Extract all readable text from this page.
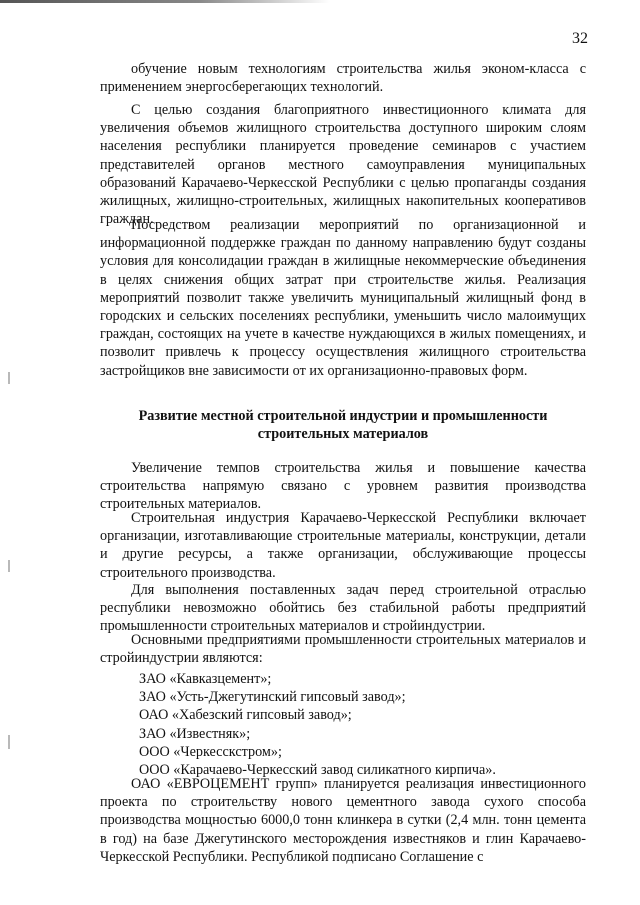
32

обучение новым технологиям строительства жилья эконом-класса с применением энергосберегающих технологий.

С целью создания благоприятного инвестиционного климата для увеличения объемов жилищного строительства доступного широким слоям населения республики планируется проведение семинаров с участием представителей органов местного самоуправления муниципальных образований Карачаево-Черкесской Республики с целью пропаганды создания жилищных, жилищно-строительных, жилищных накопительных кооперативов граждан.

Посредством реализации мероприятий по организационной и информационной поддержке граждан по данному направлению будут созданы условия для консолидации граждан в жилищные некоммерческие объединения в целях снижения общих затрат при строительстве жилья. Реализация мероприятий позволит также увеличить муниципальный жилищный фонд в городских и сельских поселениях республики, уменьшить число малоимущих граждан, состоящих на учете в качестве нуждающихся в жилых помещениях, и позволит привлечь к процессу осуществления жилищного строительства застройщиков вне зависимости от их организационно-правовых форм.

Развитие местной строительной индустрии и промышленности
строительных материалов

Увеличение темпов строительства жилья и повышение качества строительства напрямую связано с уровнем развития производства строительных материалов.

Строительная индустрия Карачаево-Черкесской Республики включает организации, изготавливающие строительные материалы, конструкции, детали и другие ресурсы, а также организации, обслуживающие процессы строительного производства.

Для выполнения поставленных задач перед строительной отраслью республики невозможно обойтись без стабильной работы предприятий промышленности строительных материалов и стройиндустрии.

Основными предприятиями промышленности строительных материалов и стройиндустрии являются:

ЗАО «Кавказцемент»;
ЗАО «Усть-Джегутинский гипсовый завод»;
ОАО «Хабезский гипсовый завод»;
ЗАО «Известняк»;
ООО «Черкесскстром»;
ООО «Карачаево-Черкесский завод силикатного кирпича».

ОАО «ЕВРОЦЕМЕНТ групп» планируется реализация инвестиционного проекта по строительству нового цементного завода сухого способа производства мощностью 6000,0 тонн клинкера в сутки (2,4 млн. тонн цемента в год) на базе Джегутинского месторождения известняков и глин Карачаево-Черкесской Республики. Республикой подписано Соглашение с
